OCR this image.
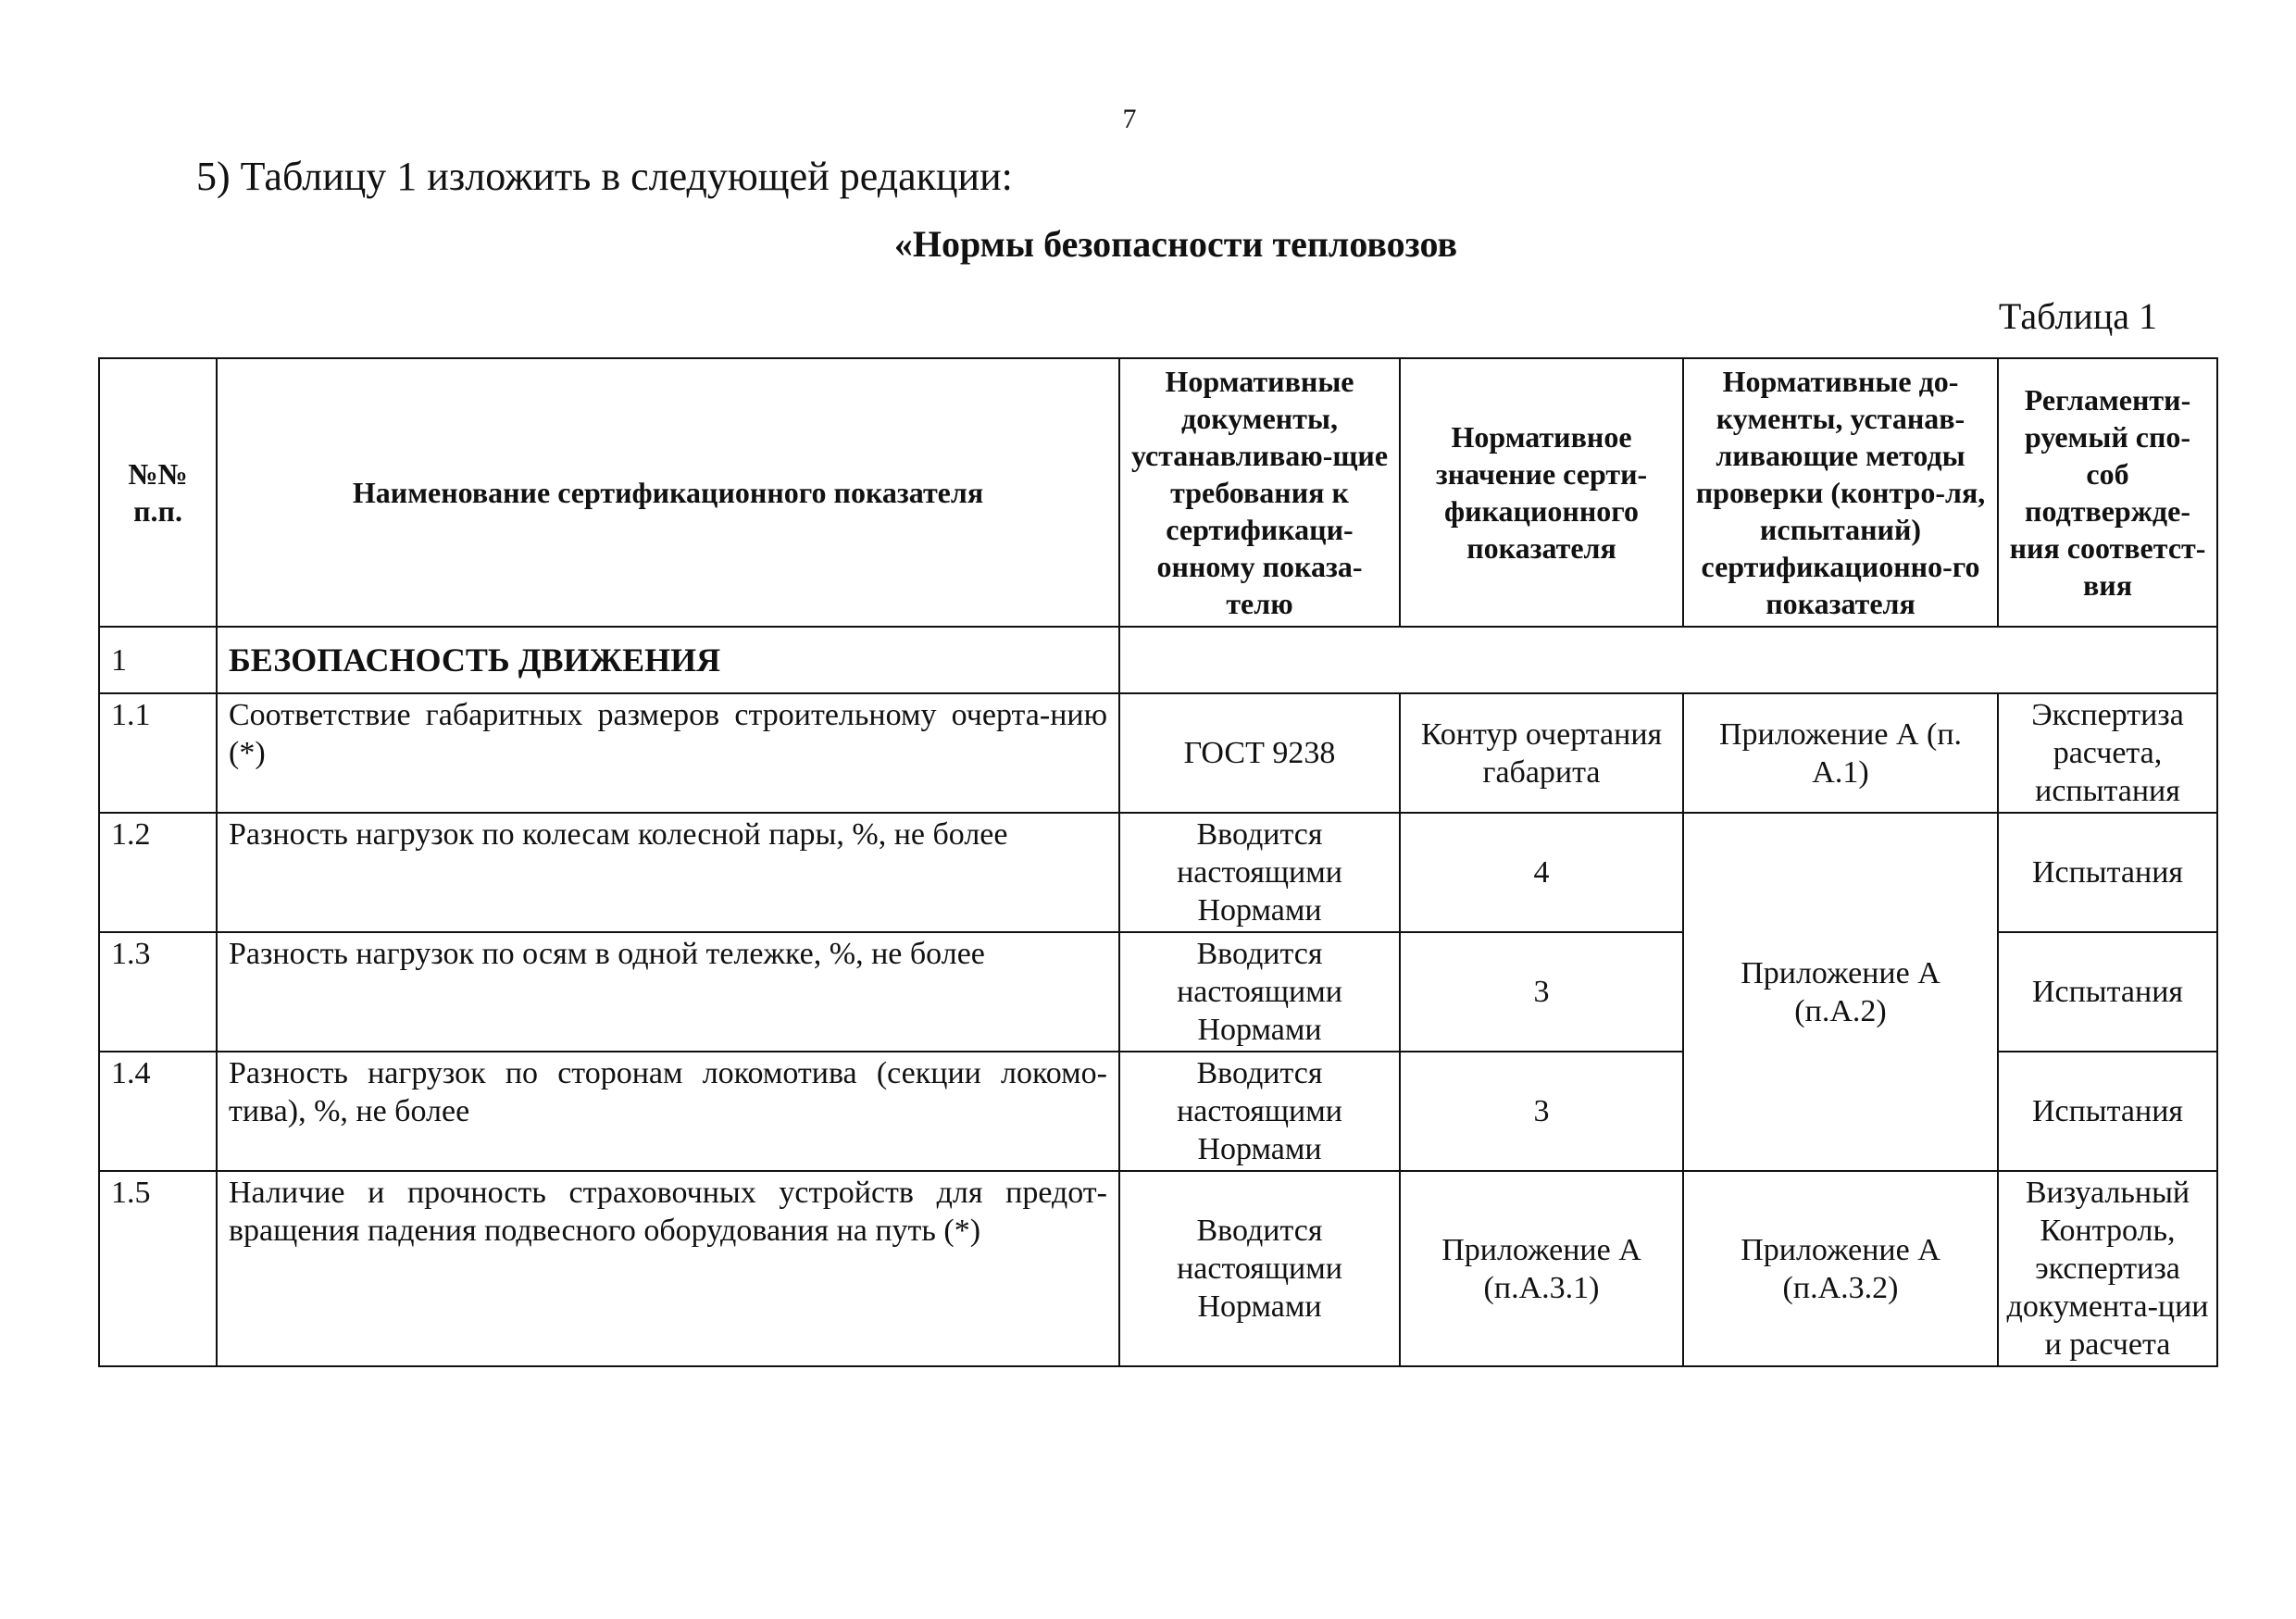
7
5) Таблицу 1 изложить в следующей редакции:
«Нормы безопасности тепловозов
Таблица 1
№№ п.п.	Наименование сертификационного показателя	Нормативные документы, устанавливаю-щие требования к сертификаци-онному показа-телю	Нормативное значение серти-фикационного показателя	Нормативные до-кументы, устанав-ливающие методы проверки (контро-ля, испытаний) сертификационно-го показателя	Регламенти-руемый спо-соб подтвержде-ния соответст-вия
1	БЕЗОПАСНОСТЬ ДВИЖЕНИЯ				
1.1	Соответствие габаритных размеров строительному очерта-нию (*)	ГОСТ 9238	Контур очертания габарита	Приложение А (п. А.1)	Экспертиза расчета, испытания
1.2	Разность нагрузок по колесам колесной пары, %, не более	Вводится настоящими Нормами	4	Приложение А (п.А.2)	Испытания
1.3	Разность нагрузок по осям в одной тележке, %, не более	Вводится настоящими Нормами	3		Испытания
1.4	Разность нагрузок по сторонам локомотива (секции локомо-тива), %, не более	Вводится настоящими Нормами	3		Испытания
1.5	Наличие и прочность страховочных устройств для предот-вращения падения подвесного оборудования на путь (*)	Вводится настоящими Нормами	Приложение А (п.А.3.1)	Приложение А (п.А.3.2)	Визуальный Контроль, экспертиза документа-ции и расчета
